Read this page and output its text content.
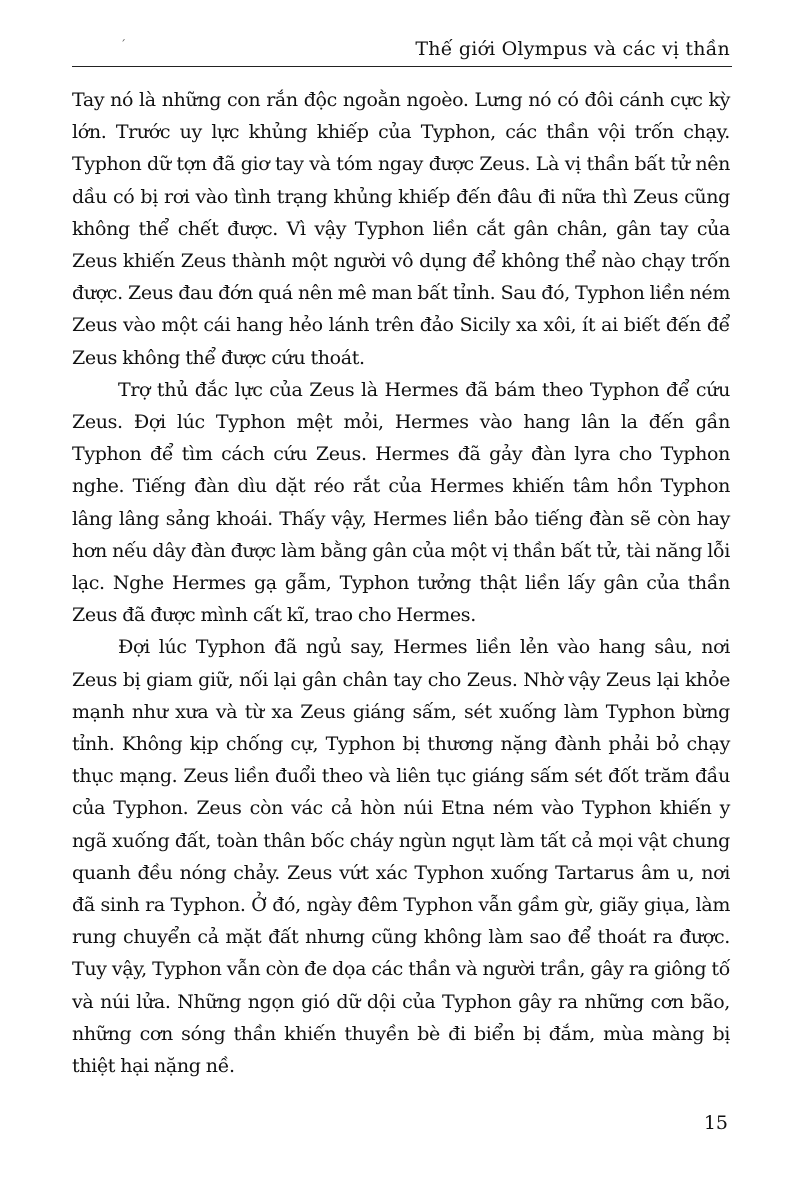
´	Thế giới Olympus và các vị thần

Tay nó là những con rắn độc ngoằn ngoèo. Lưng nó có đôi cánh cực kỳ lớn. Trước uy lực khủng khiếp của Typhon, các thần vội trốn chạy. Typhon dữ tợn đã giơ tay và tóm ngay được Zeus. Là vị thần bất tử nên dầu có bị rơi vào tình trạng khủng khiếp đến đâu đi nữa thì Zeus cũng không thể chết được. Vì vậy Typhon liền cắt gân chân, gân tay của Zeus khiến Zeus thành một người vô dụng để không thể nào chạy trốn được. Zeus đau đớn quá nên mê man bất tỉnh. Sau đó, Typhon liền ném Zeus vào một cái hang hẻo lánh trên đảo Sicily xa xôi, ít ai biết đến để Zeus không thể được cứu thoát.

Trợ thủ đắc lực của Zeus là Hermes đã bám theo Typhon để cứu Zeus. Đợi lúc Typhon mệt mỏi, Hermes vào hang lân la đến gần Typhon để tìm cách cứu Zeus. Hermes đã gảy đàn lyra cho Typhon nghe. Tiếng đàn dìu dặt réo rắt của Hermes khiến tâm hồn Typhon lâng lâng sảng khoái. Thấy vậy, Hermes liền bảo tiếng đàn sẽ còn hay hơn nếu dây đàn được làm bằng gân của một vị thần bất tử, tài năng lỗi lạc. Nghe Hermes gạ gẫm, Typhon tưởng thật liền lấy gân của thần Zeus đã được mình cất kĩ, trao cho Hermes.

Đợi lúc Typhon đã ngủ say, Hermes liền lẻn vào hang sâu, nơi Zeus bị giam giữ, nối lại gân chân tay cho Zeus. Nhờ vậy Zeus lại khỏe mạnh như xưa và từ xa Zeus giáng sấm, sét xuống làm Typhon bừng tỉnh. Không kịp chống cự, Typhon bị thương nặng đành phải bỏ chạy thục mạng. Zeus liền đuổi theo và liên tục giáng sấm sét đốt trăm đầu của Typhon. Zeus còn vác cả hòn núi Etna ném vào Typhon khiến y ngã xuống đất, toàn thân bốc cháy ngùn ngụt làm tất cả mọi vật chung quanh đều nóng chảy. Zeus vứt xác Typhon xuống Tartarus âm u, nơi đã sinh ra Typhon. Ở đó, ngày đêm Typhon vẫn gầm gừ, giãy giụa, làm rung chuyển cả mặt đất nhưng cũng không làm sao để thoát ra được. Tuy vậy, Typhon vẫn còn đe dọa các thần và người trần, gây ra giông tố và núi lửa. Những ngọn gió dữ dội của Typhon gây ra những cơn bão, những cơn sóng thần khiến thuyền bè đi biển bị đắm, mùa màng bị thiệt hại nặng nề.

15
